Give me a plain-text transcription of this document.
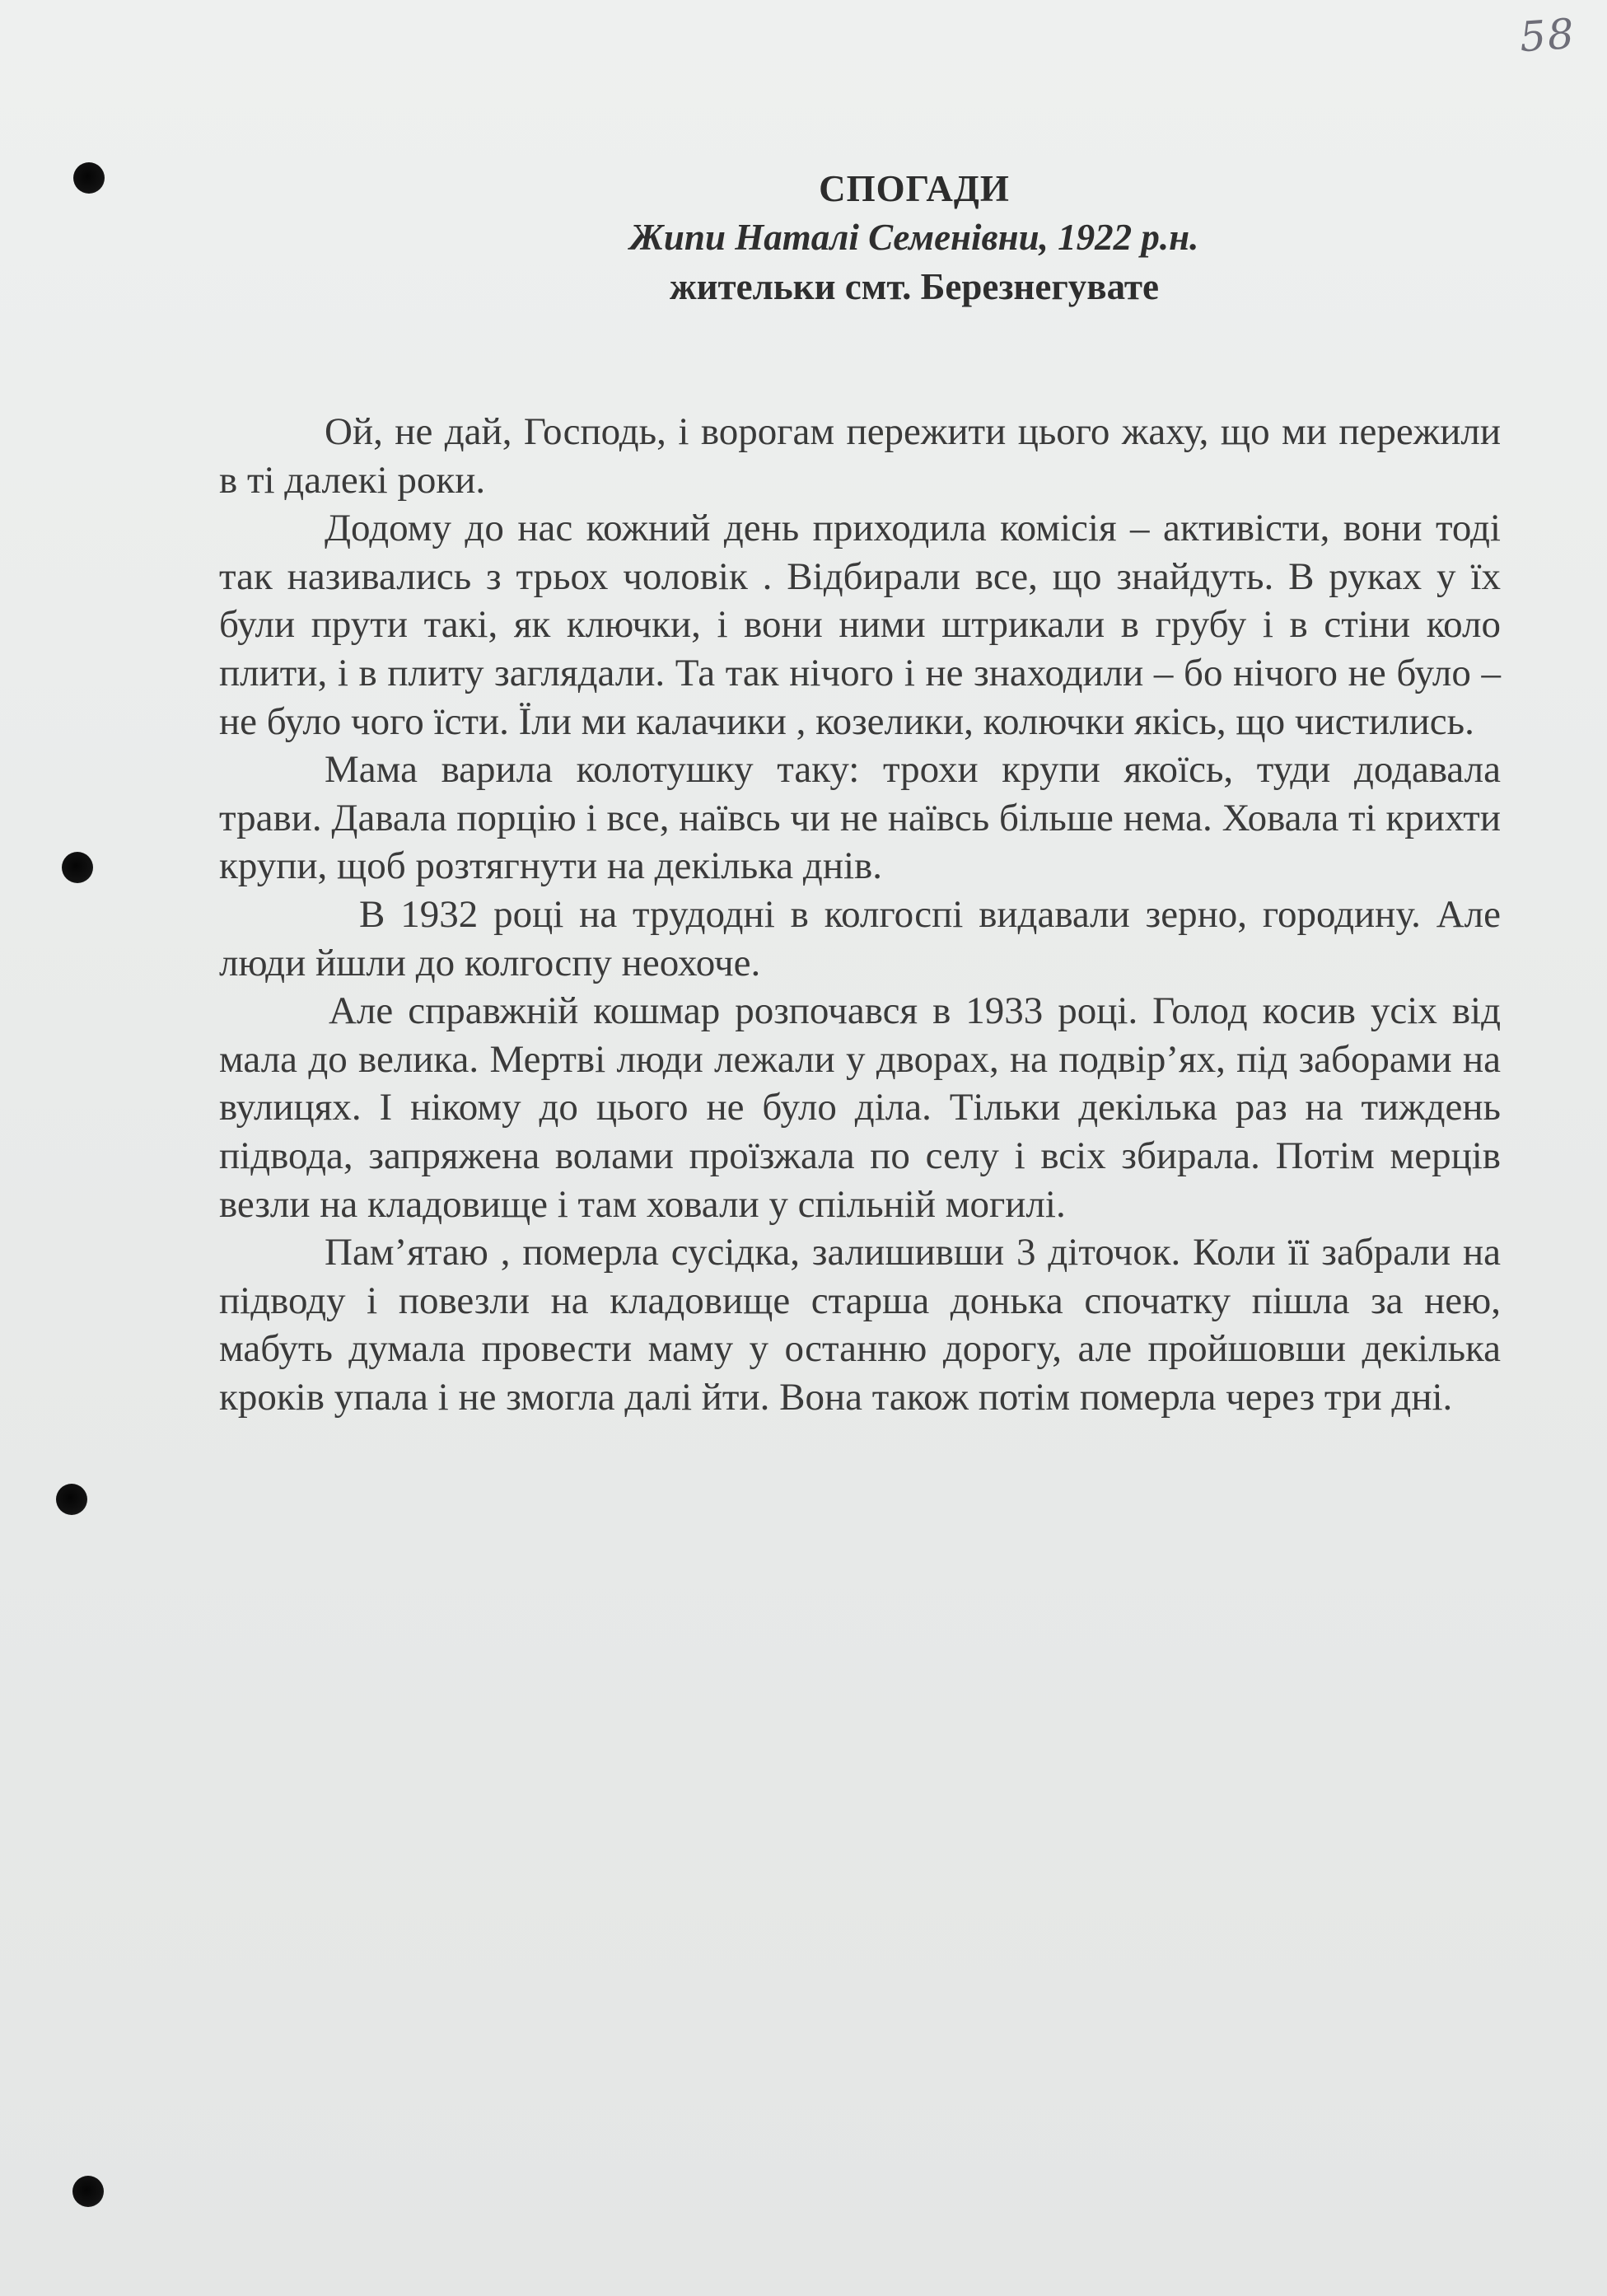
58
СПОГАДИ
Жипи Наталі Семенівни, 1922 р.н.
жительки смт. Березнегувате

Ой, не дай, Господь, і ворогам пережити цього жаху, що ми пережили в ті далекі роки.

Додому до нас кожний день приходила комісія – активісти, вони тоді так називались з трьох чоловік . Відбирали все, що знайдуть. В руках у їх були прути такі, як ключки, і вони ними штрикали в грубу і в стіни коло плити, і в плиту заглядали. Та так нічого і не знаходили – бо нічого не було – не було чого їсти. Їли ми калачики , козелики, колючки якісь, що чистились.

Мама варила колотушку таку: трохи крупи якоїсь, туди додавала трави. Давала порцію і все, наївсь чи не наївсь більше нема. Ховала ті крихти крупи, щоб розтягнути на декілька днів.

В 1932 році на трудодні в колгоспі видавали зерно, городину. Але люди йшли до колгоспу неохоче.

Але справжній кошмар розпочався в 1933 році. Голод косив усіх від мала до велика. Мертві люди лежали у дворах, на подвір’ях, під заборами на вулицях. І нікому до цього не було діла. Тільки декілька раз на тиждень підвода, запряжена волами проїзжала по селу і всіх збирала. Потім мерців везли на кладовище і там ховали у спільній могилі.

Пам’ятаю , померла сусідка, залишивши 3 діточок. Коли її забрали на підводу і повезли на кладовище старша донька спочатку пішла за нею, мабуть думала провести маму у останню дорогу, але пройшовши декілька кроків упала і не змогла далі йти. Вона також потім померла через три дні.
